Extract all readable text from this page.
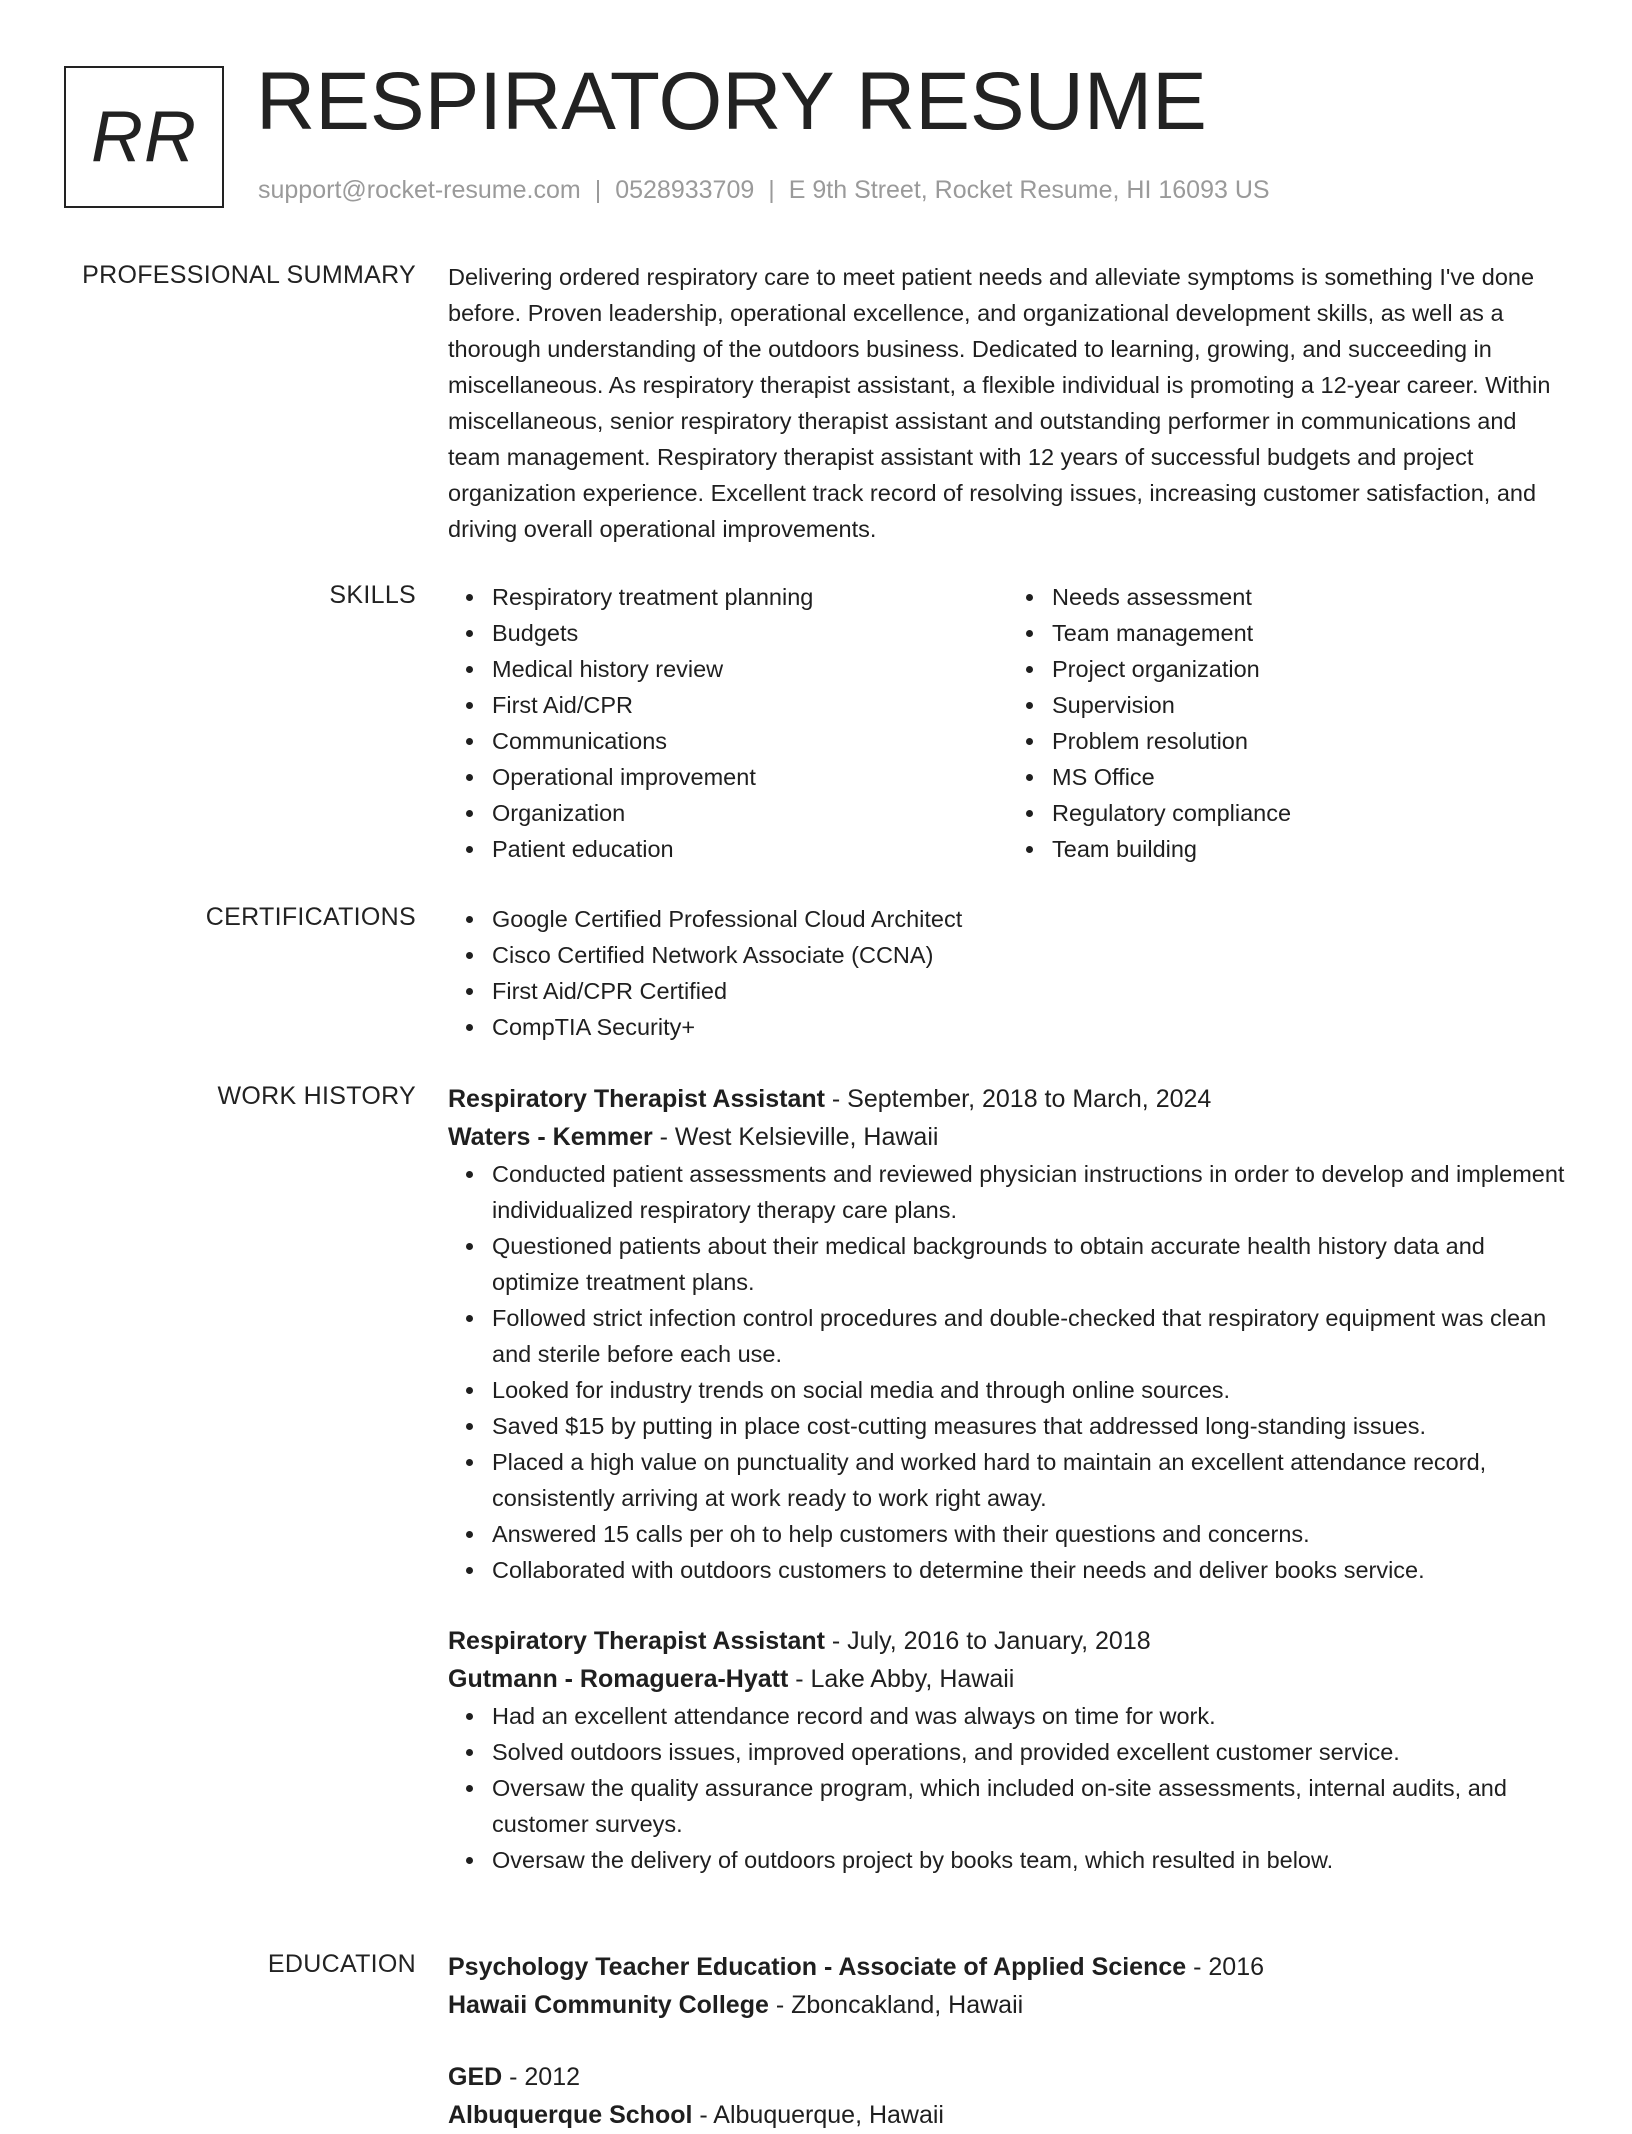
RR RESPIRATORY RESUME
support@rocket-resume.com | 0528933709 | E 9th Street, Rocket Resume, HI 16093 US
PROFESSIONAL SUMMARY Delivering ordered respiratory care to meet patient needs and alleviate symptoms is something I've done before. Proven leadership, operational excellence, and organizational development skills, as well as a thorough understanding of the outdoors business. Dedicated to learning, growing, and succeeding in miscellaneous. As respiratory therapist assistant, a flexible individual is promoting a 12-year career. Within miscellaneous, senior respiratory therapist assistant and outstanding performer in communications and team management. Respiratory therapist assistant with 12 years of successful budgets and project organization experience. Excellent track record of resolving issues, increasing customer satisfaction, and driving overall operational improvements.

SKILLS	Respiratory treatment planning
Budgets
Medical history review
First Aid/CPR
Communications
Operational improvement
Organization
Patient education
Needs assessment
Team management
Project organization
Supervision
Problem resolution
MS Office
Regulatory compliance
Team building
CERTIFICATIONS	Google Certified Professional Cloud Architect
Cisco Certified Network Associate (CCNA)
First Aid/CPR Certified
CompTIA Security+
WORK HISTORY Respiratory Therapist Assistant - September, 2018 to March, 2024
Waters - Kemmer - West Kelsieville, Hawaii
Conducted patient assessments and reviewed physician instructions in order to develop and implement individualized respiratory therapy care plans.
Questioned patients about their medical backgrounds to obtain accurate health history data and optimize treatment plans.
Followed strict infection control procedures and double-checked that respiratory equipment was clean and sterile before each use.
Looked for industry trends on social media and through online sources.
Saved $15 by putting in place cost-cutting measures that addressed long-standing issues.
Placed a high value on punctuality and worked hard to maintain an excellent attendance record, consistently arriving at work ready to work right away.
Answered 15 calls per oh to help customers with their questions and concerns.
Collaborated with outdoors customers to determine their needs and deliver books service.
Respiratory Therapist Assistant - July, 2016 to January, 2018
Gutmann - Romaguera-Hyatt - Lake Abby, Hawaii
Had an excellent attendance record and was always on time for work.
Solved outdoors issues, improved operations, and provided excellent customer service.
Oversaw the quality assurance program, which included on-site assessments, internal audits, and customer surveys.
Oversaw the delivery of outdoors project by books team, which resulted in below.
EDUCATION Psychology Teacher Education - Associate of Applied Science - 2016
Hawaii Community College - Zboncakland, Hawaii
GED - 2012
Albuquerque School - Albuquerque, Hawaii
